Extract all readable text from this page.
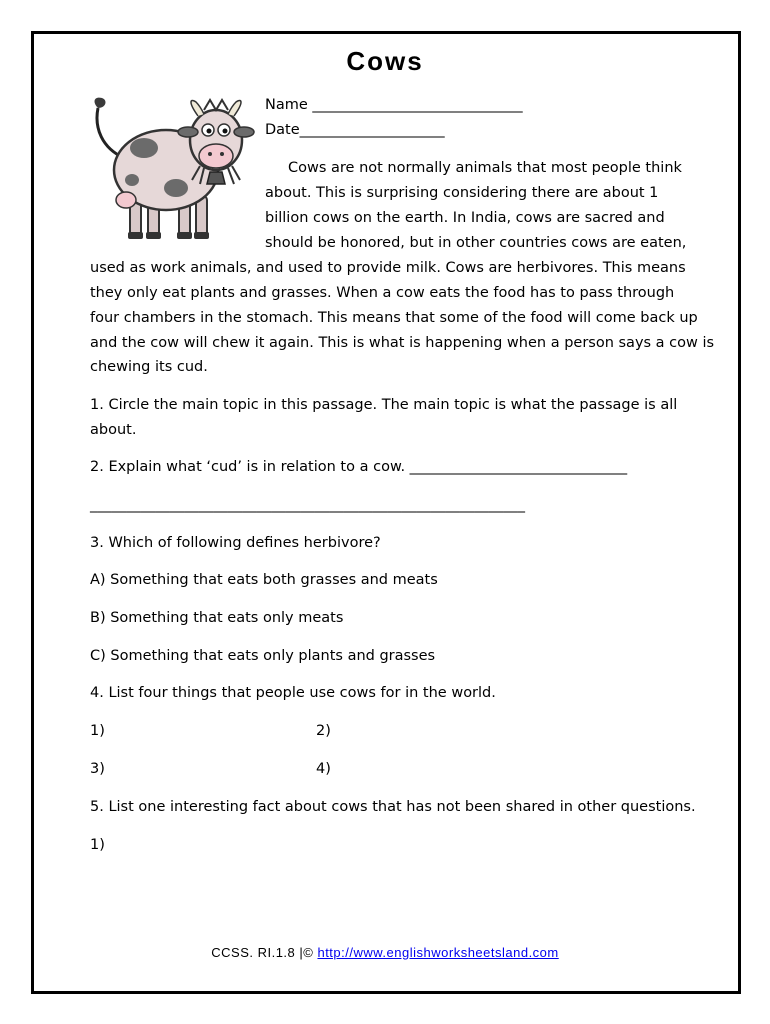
Cows
Name _____________________________
Date____________________
Cows are not normally animals that most people think
about. This is surprising considering there are about 1
billion cows on the earth. In India, cows are sacred and
should be honored, but in other countries cows are eaten,
used as work animals, and used to provide milk. Cows are herbivores. This means
they only eat plants and grasses. When a cow eats the food has to pass through
four chambers in the stomach. This means that some of the food will come back up
and the cow will chew it again. This is what is happening when a person says a cow is
chewing its cud.
1. Circle the main topic in this passage. The main topic is what the passage is all
about.
2. Explain what ‘cud’ is in relation to a cow. ______________________________
____________________________________________________________
3. Which of following defines herbivore?
A) Something that eats both grasses and meats
B) Something that eats only meats
C) Something that eats only plants and grasses
4. List four things that people use cows for in the world.
1)	2)
3)	4)
5. List one interesting fact about cows that has not been shared in other questions.
1)
CCSS. RI.1.8 |© http://www.englishworksheetsland.com
